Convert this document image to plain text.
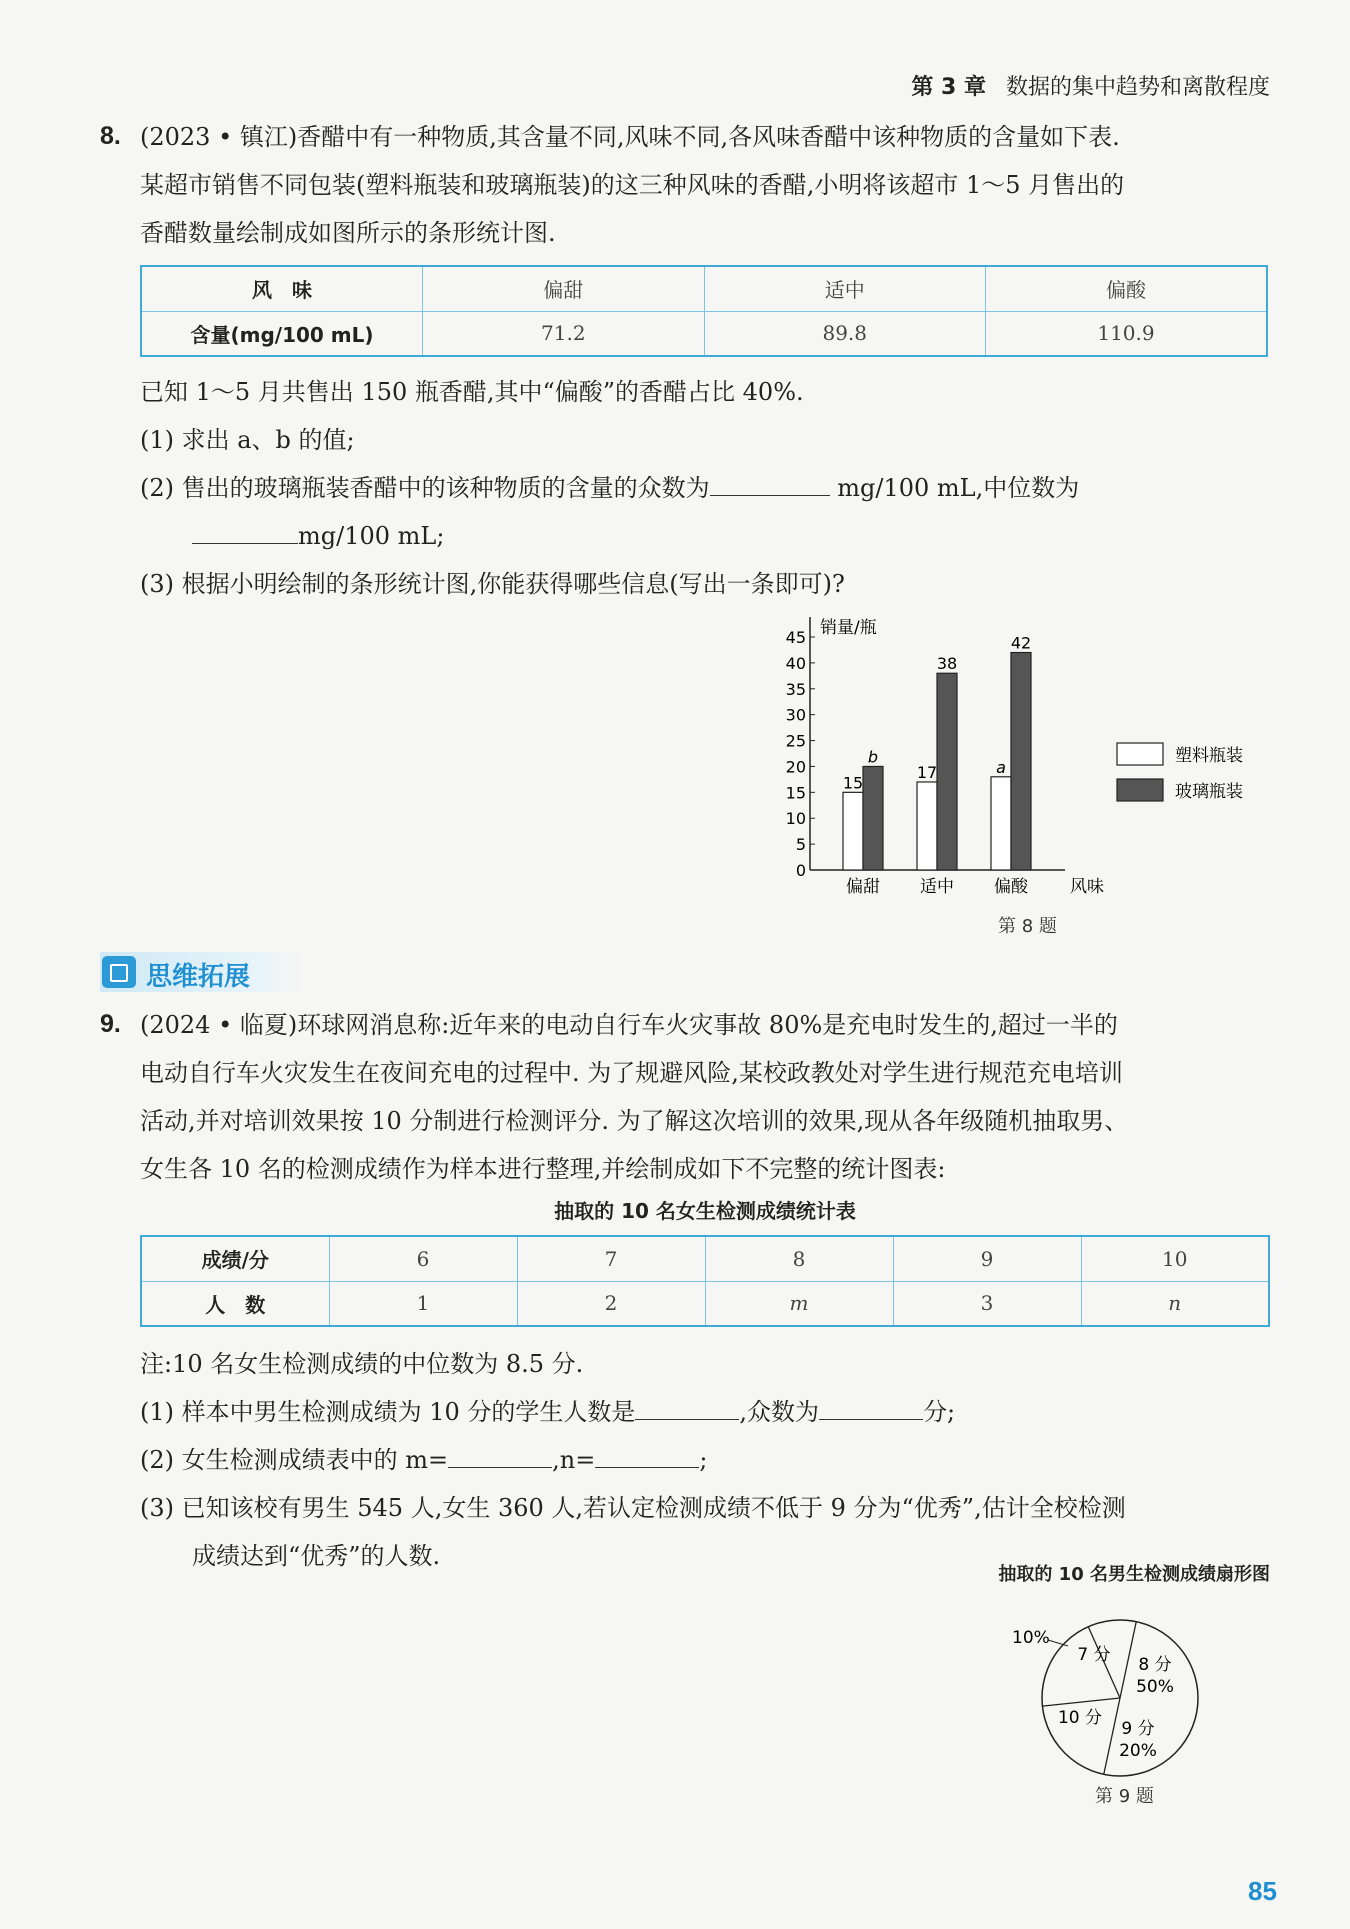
第 3 章 数据的集中趋势和离散程度
8. (2023 • 镇江)香醋中有一种物质,其含量不同,风味不同,各风味香醋中该种物质的含量如下表.
某超市销售不同包装(塑料瓶装和玻璃瓶装)的这三种风味的香醋,小明将该超市 1～5 月售出的
香醋数量绘制成如图所示的条形统计图.
风　味	偏甜	适中	偏酸
含量(mg/100 mL)	71.2	89.8	110.9
已知 1～5 月共售出 150 瓶香醋,其中“偏酸”的香醋占比 40%.
(1) 求出 a、b 的值;
(2) 售出的玻璃瓶装香醋中的该种物质的含量的众数为	mg/100 mL,中位数为
mg/100 mL;
(3) 根据小明绘制的条形统计图,你能获得哪些信息(写出一条即可)?
销量/瓶
风味
0
5
10
15
20
25
30
35
40
45
偏甜 适中 偏酸
15
b
17
38
a
42
塑料瓶装
玻璃瓶装
第 8 题
思维拓展
9. (2024 • 临夏)环球网消息称:近年来的电动自行车火灾事故 80%是充电时发生的,超过一半的
电动自行车火灾发生在夜间充电的过程中. 为了规避风险,某校政教处对学生进行规范充电培训
活动,并对培训效果按 10 分制进行检测评分. 为了解这次培训的效果,现从各年级随机抽取男、
女生各 10 名的检测成绩作为样本进行整理,并绘制成如下不完整的统计图表:
抽取的 10 名女生检测成绩统计表
成绩/分	6	7	8	9	10
人　数	1	2	m	3	n
注:10 名女生检测成绩的中位数为 8.5 分.
(1) 样本中男生检测成绩为 10 分的学生人数是	,众数为	分;
(2) 女生检测成绩表中的 m=	,n=	;
(3) 已知该校有男生 545 人,女生 360 人,若认定检测成绩不低于 9 分为“优秀”,估计全校检测
成绩达到“优秀”的人数.
抽取的 10 名男生检测成绩扇形图
8 分
50%
9 分
20%
10 分
7 分
10%
第 9 题
85
